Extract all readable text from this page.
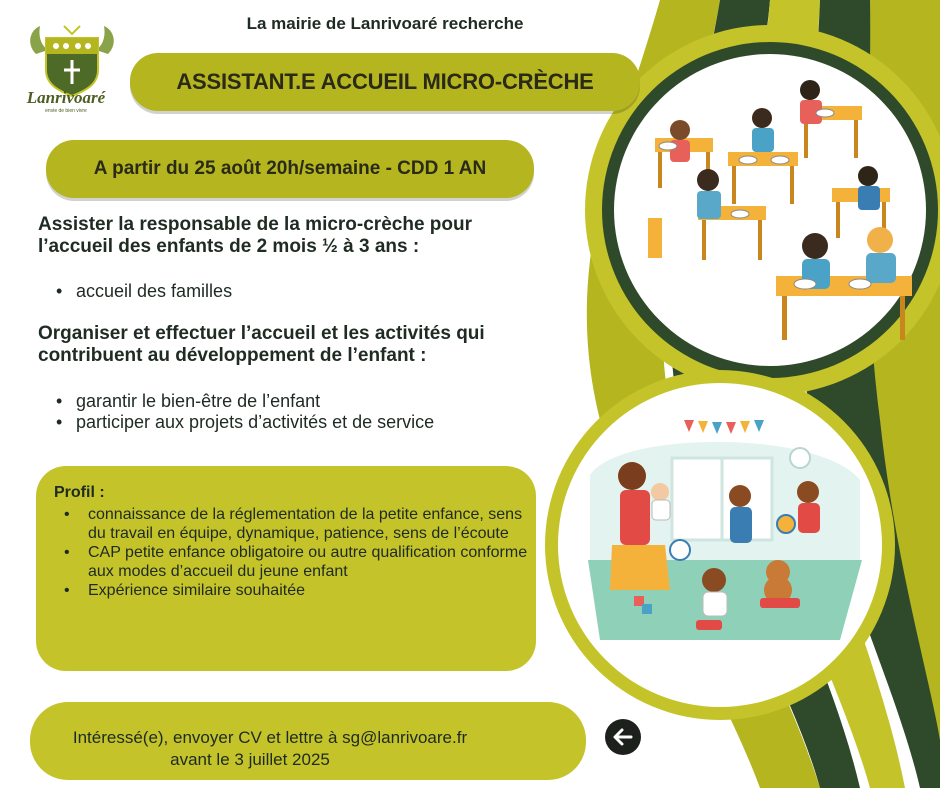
Lanrivoaré
envie de bien vivre
La mairie de Lanrivoaré recherche
ASSISTANT.E ACCUEIL MICRO-CRÈCHE
A partir du 25 août 20h/semaine - CDD 1 AN
Assister la responsable de la micro-crèche pour
l’accueil des enfants de 2 mois ½ à 3 ans :
• accueil des familles
Organiser et effectuer l’accueil et les activités qui
contribuent au développement de l’enfant :
• garantir le bien-être de l’enfant
• participer aux projets d’activités et de service
Profil :
• connaissance de la réglementation de la petite enfance, sens du travail en équipe, dynamique, patience, sens de l’écoute
• CAP petite enfance obligatoire ou autre qualification conforme aux modes d’accueil du jeune enfant
• Expérience similaire souhaitée
Intéressé(e), envoyer CV et lettre à sg@lanrivoare.fr
avant le 3 juillet 2025
